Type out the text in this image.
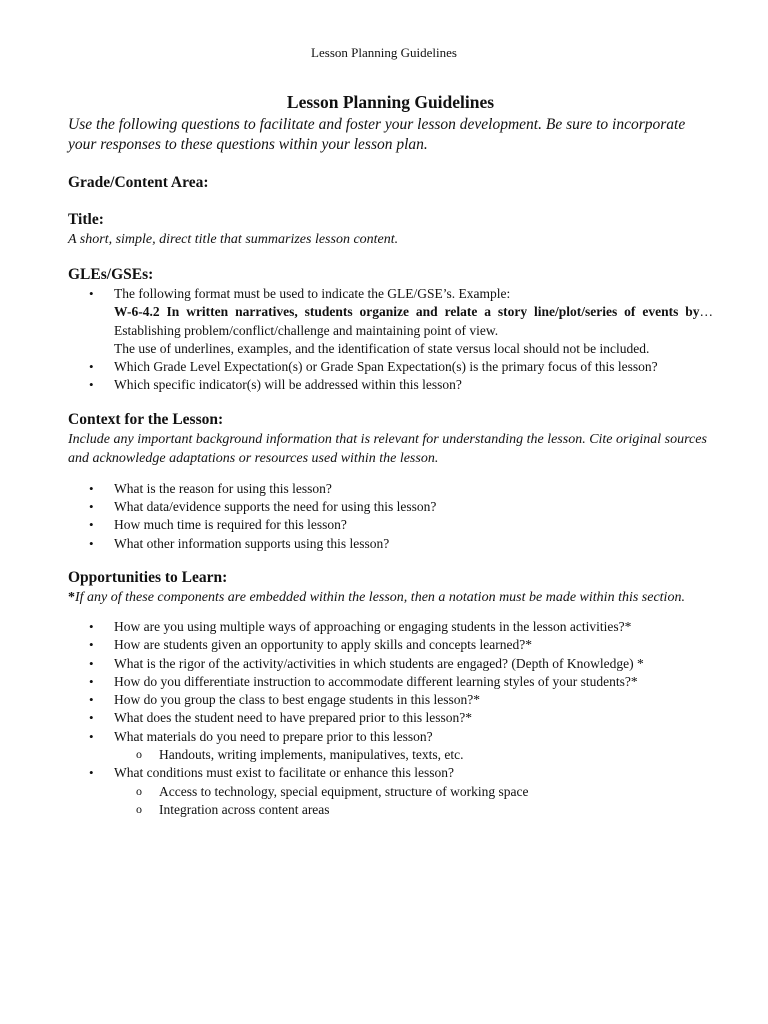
Lesson Planning Guidelines
Lesson Planning Guidelines

Use the following questions to facilitate and foster your lesson development. Be sure to incorporate your responses to these questions within your lesson plan.

Grade/Content Area:
Title:

A short, simple, direct title that summarizes lesson content.

GLEs/GSEs:
• The following format must be used to indicate the GLE/GSE’s. Example:
W-6-4.2 In written narratives, students organize and relate a story line/plot/series of events by…Establishing problem/conflict/challenge and maintaining point of view.
The use of underlines, examples, and the identification of state versus local should not be included.
• Which Grade Level Expectation(s) or Grade Span Expectation(s) is the primary focus of this lesson?
• Which specific indicator(s) will be addressed within this lesson?
Context for the Lesson:

Include any important background information that is relevant for understanding the lesson. Cite original sources and acknowledge adaptations or resources used within the lesson.

• What is the reason for using this lesson?
• What data/evidence supports the need for using this lesson?
• How much time is required for this lesson?
• What other information supports using this lesson?
Opportunities to Learn:

*If any of these components are embedded within the lesson, then a notation must be made within this section.

• How are you using multiple ways of approaching or engaging students in the lesson activities?*
• How are students given an opportunity to apply skills and concepts learned?*
• What is the rigor of the activity/activities in which students are engaged? (Depth of Knowledge) *
• How do you differentiate instruction to accommodate different learning styles of your students?*
• How do you group the class to best engage students in this lesson?*
• What does the student need to have prepared prior to this lesson?*
• What materials do you need to prepare prior to this lesson?
o Handouts, writing implements, manipulatives, texts, etc.
• What conditions must exist to facilitate or enhance this lesson?
o Access to technology, special equipment, structure of working space
o Integration across content areas
